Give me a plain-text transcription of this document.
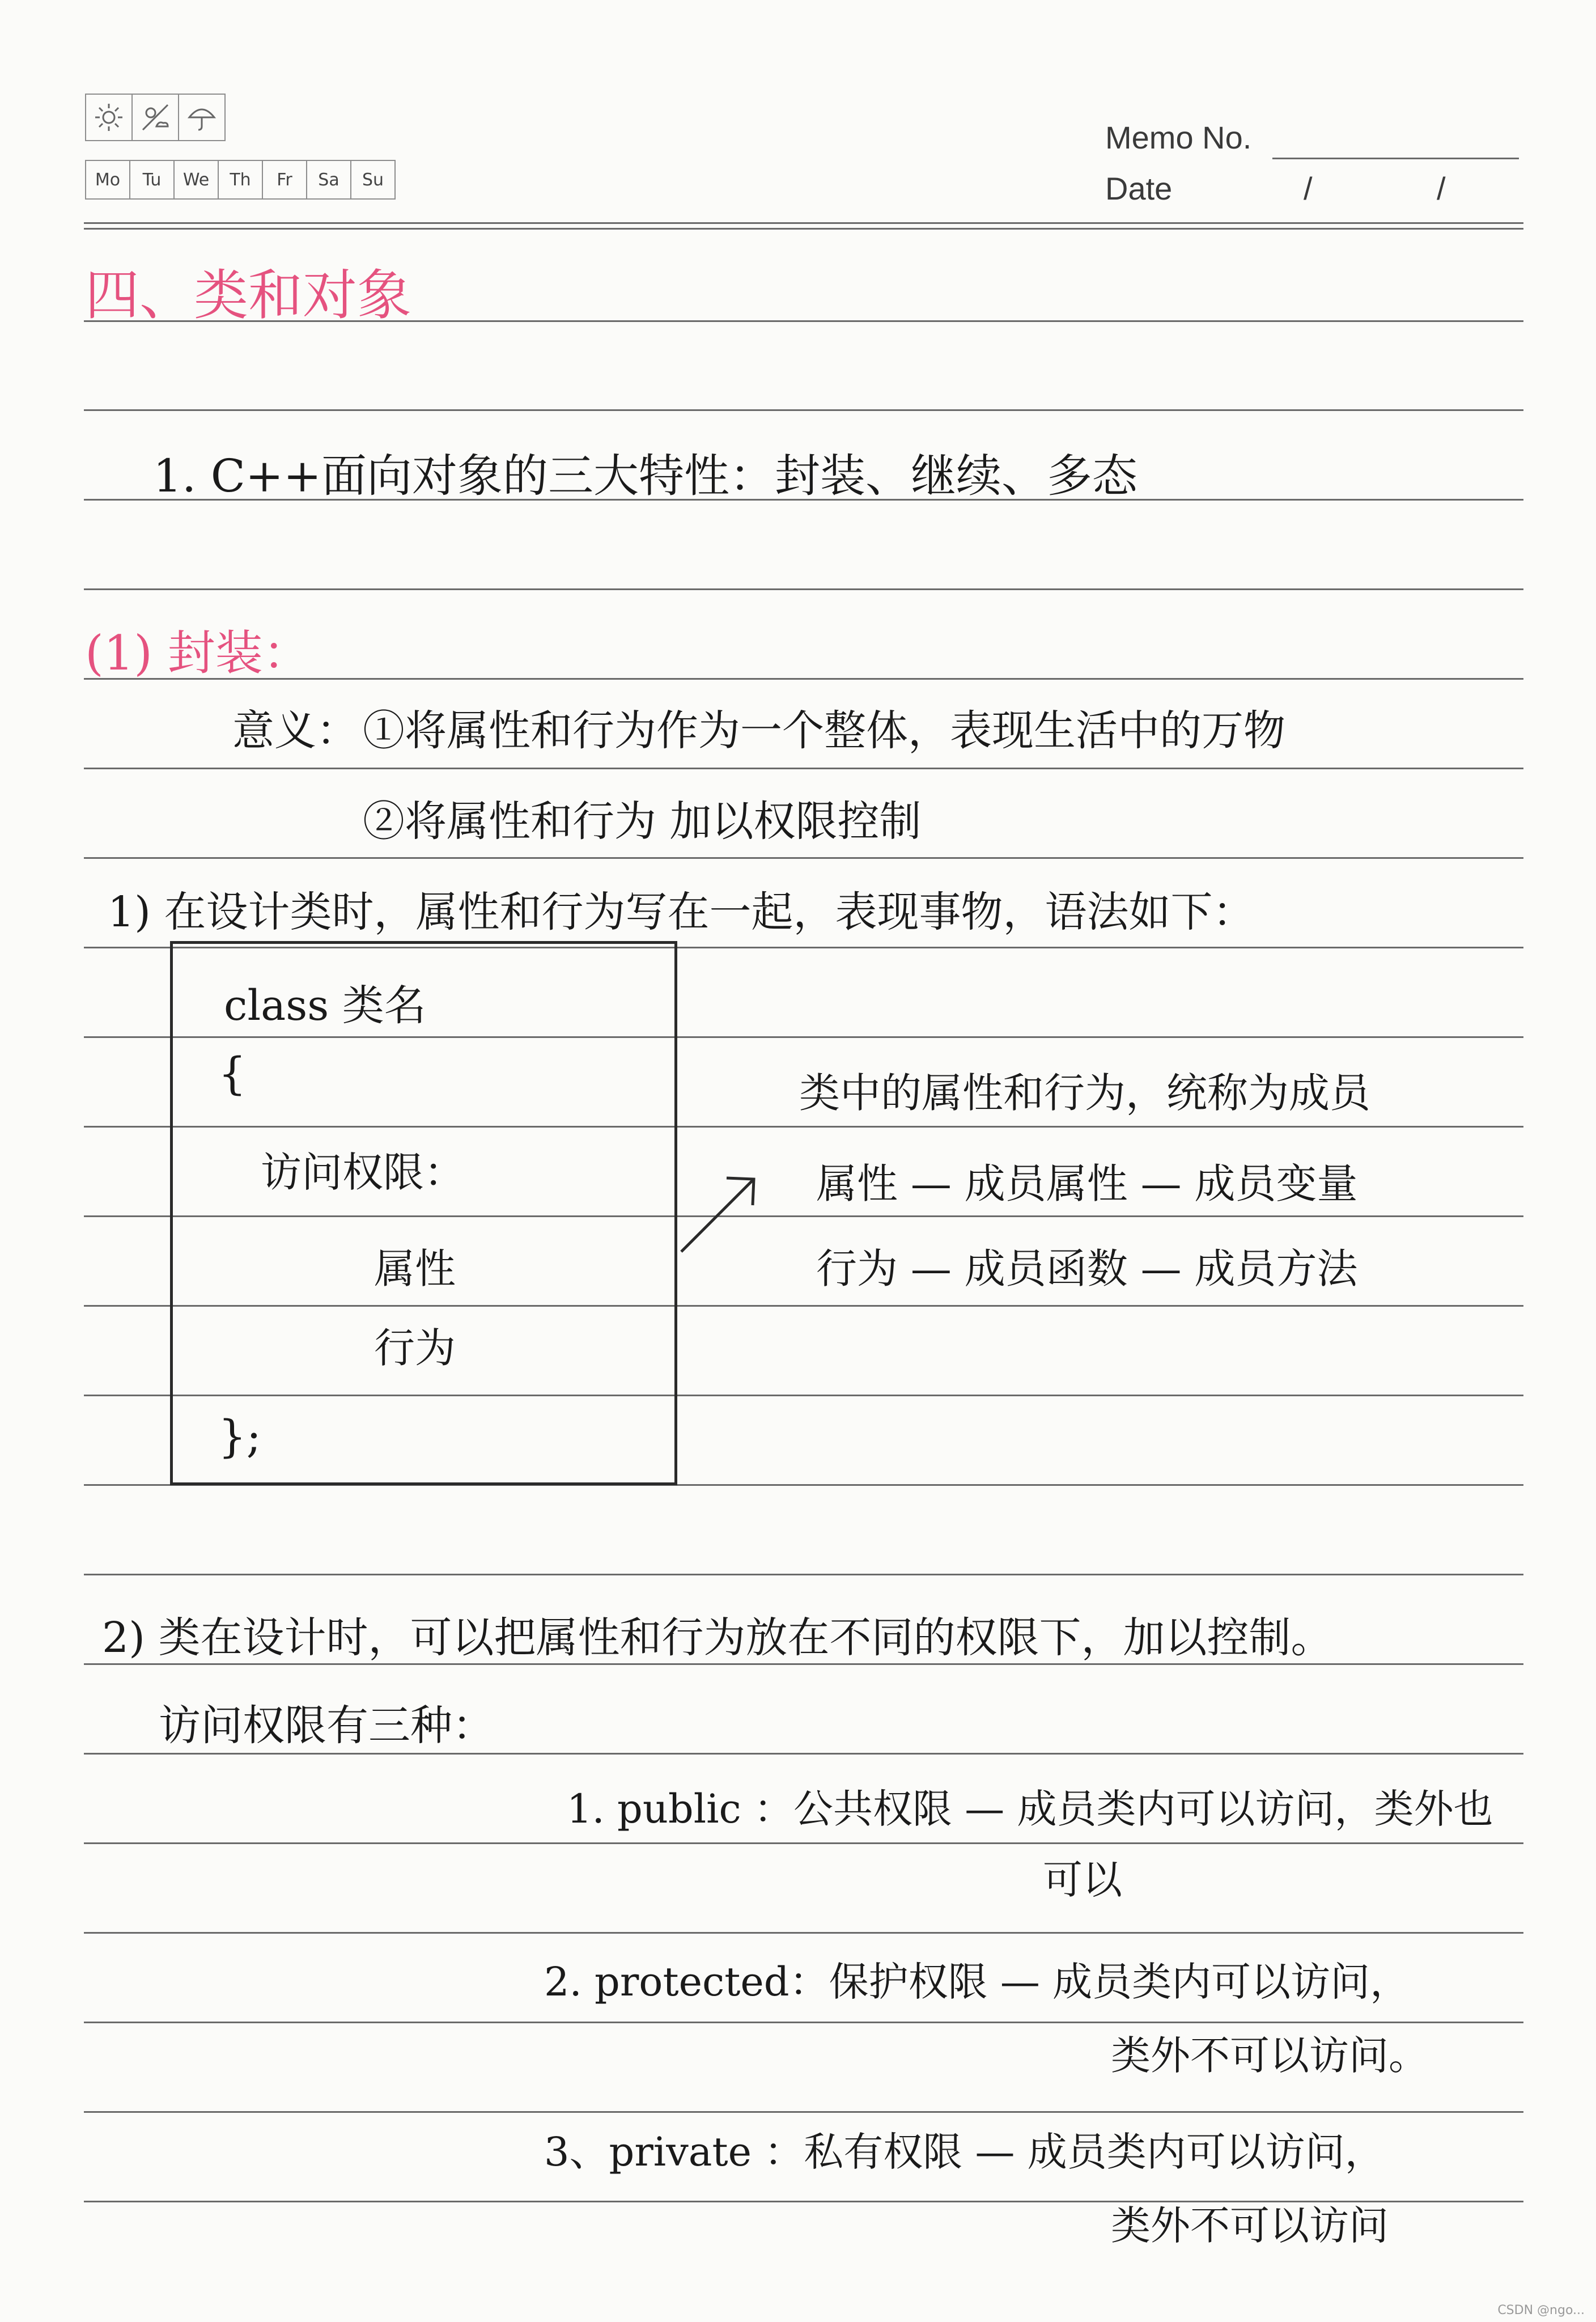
Mo	Tu	We	Th	Fr	Sa	Su
Memo No.
Date	/	/
四、类和对象
1. C++面向对象的三大特性：封装、继续、多态
(1) 封装：
意义： ①将属性和行为作为一个整体，表现生活中的万物
②将属性和行为 加以权限控制
1) 在设计类时，属性和行为写在一起，表现事物，语法如下：
class 类名
{
访问权限：
属性
行为
};
类中的属性和行为，统称为成员
属性 — 成员属性 — 成员变量
行为 — 成员函数 — 成员方法
2) 类在设计时，可以把属性和行为放在不同的权限下，加以控制。
访问权限有三种：
1. public ：公共权限 — 成员类内可以访问，类外也
可以
2. protected：保护权限 — 成员类内可以访问，
类外不可以访问。
3、private ：私有权限 — 成员类内可以访问，
类外不可以访问
CSDN @ngo...
